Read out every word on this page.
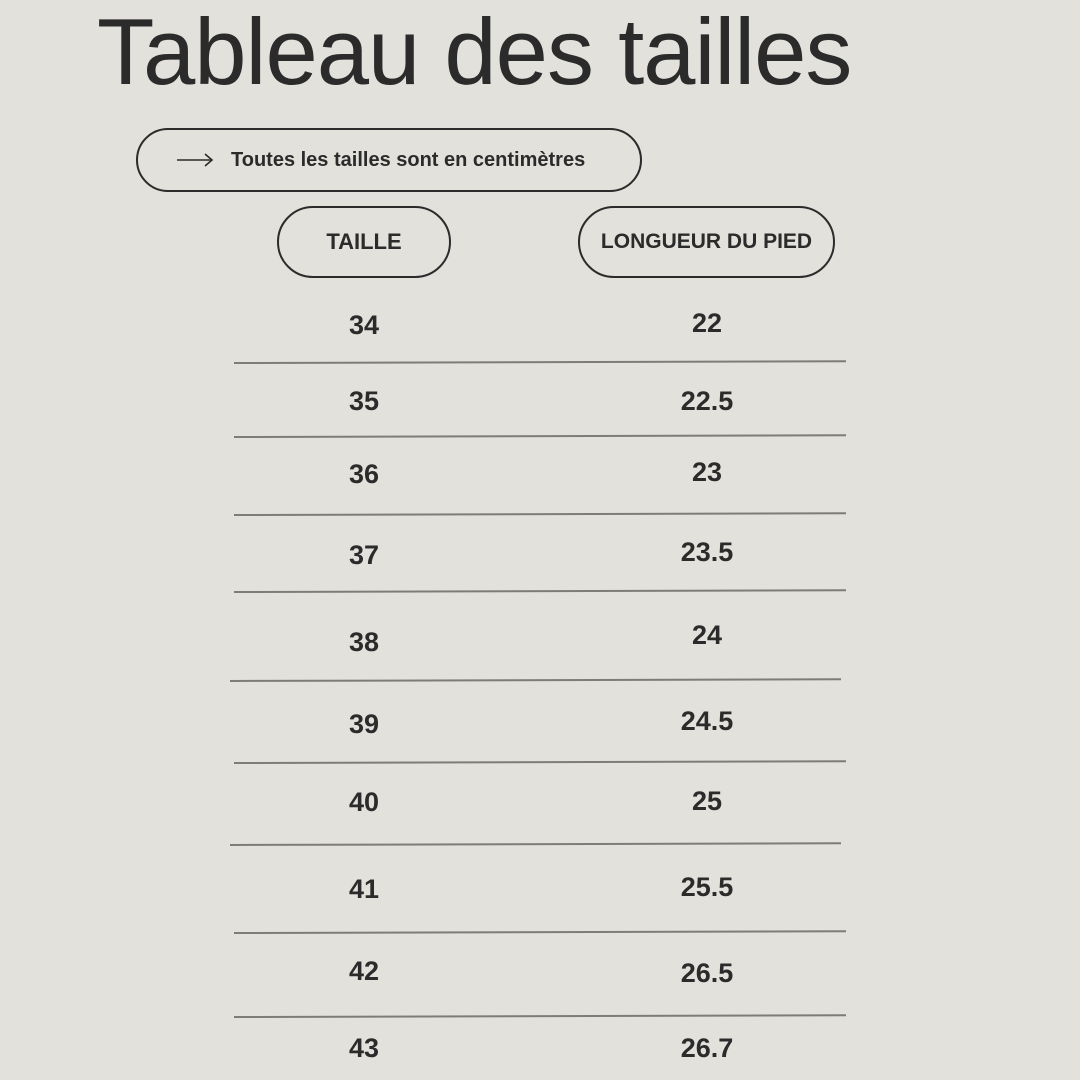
Tableau des tailles
Toutes les tailles sont en centimètres
TAILLE	LONGUEUR DU PIED
34	22
35	22.5
36	23
37	23.5
38	24
39	24.5
40	25
41	25.5
42	26.5
43	26.7
